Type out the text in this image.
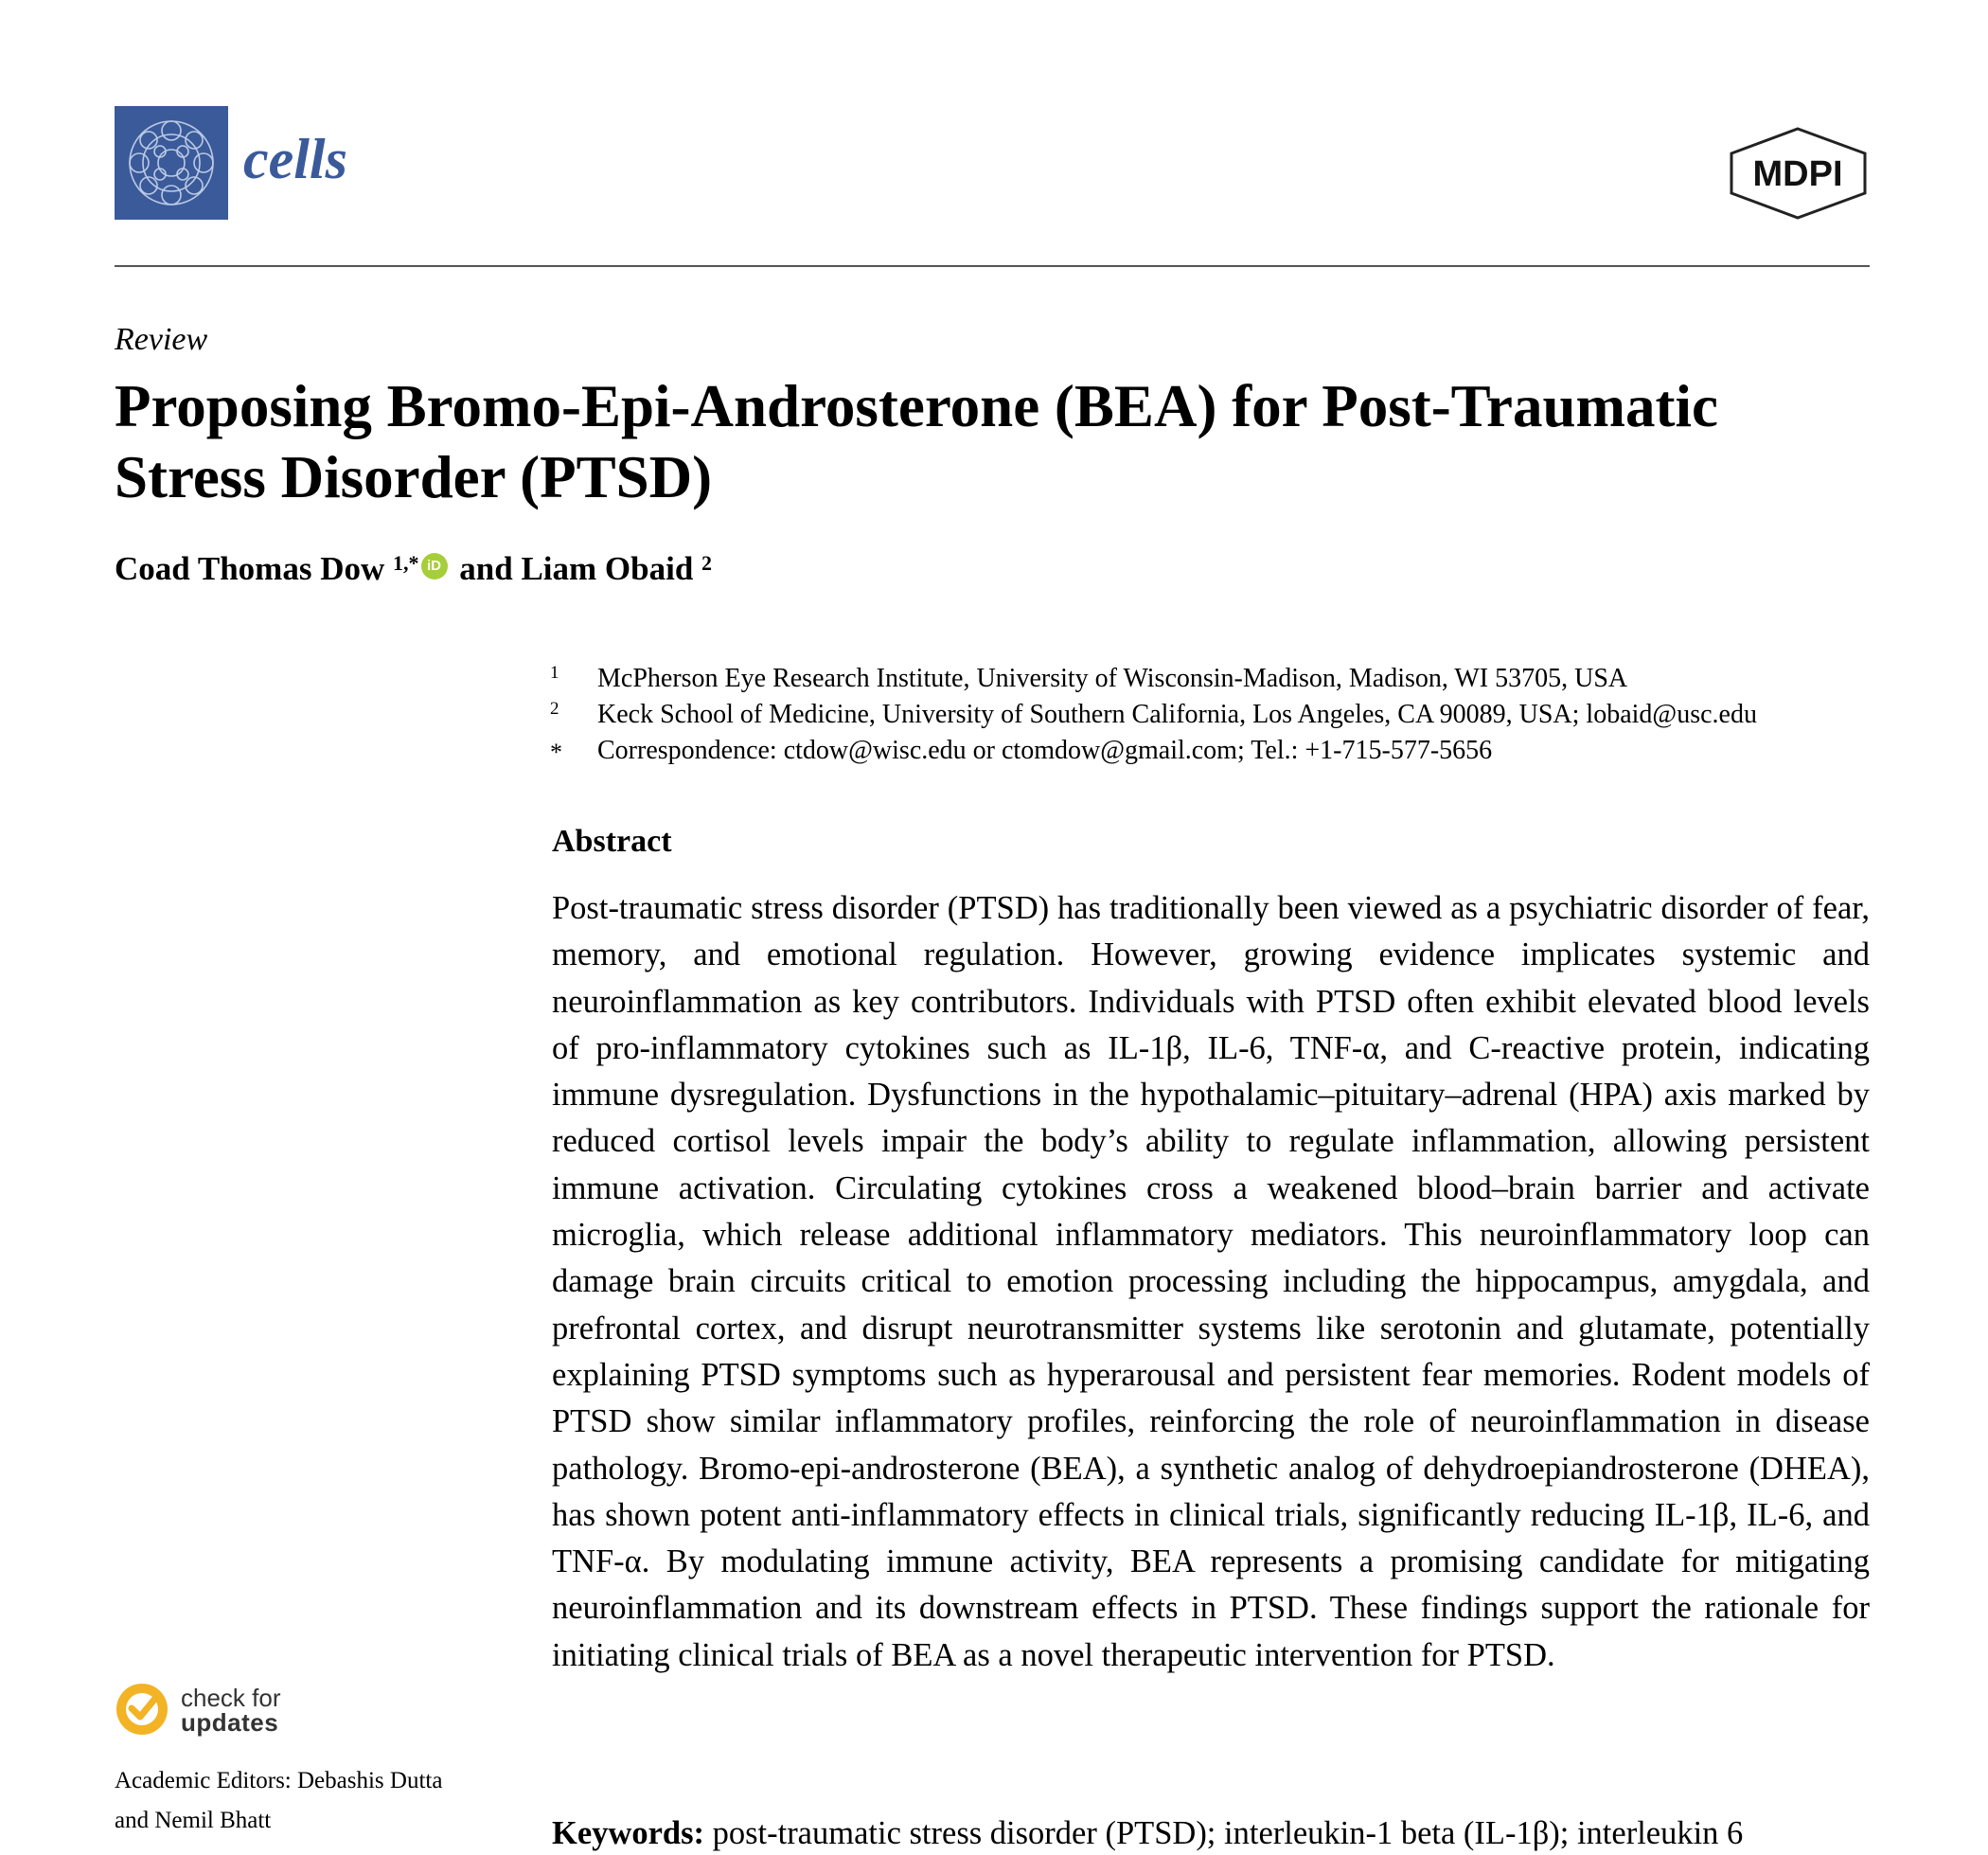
cells	MDPI
Review
Proposing Bromo-Epi-Androsterone (BEA) for Post-Traumatic
Stress Disorder (PTSD)
Coad Thomas Dow $^{1,*}$ iD and Liam Obaid $^2$
1 McPherson Eye Research Institute, University of Wisconsin-Madison, Madison, WI 53705, USA
2 Keck School of Medicine, University of Southern California, Los Angeles, CA 90089, USA; lobaid@usc.edu
* Correspondence: ctdow@wisc.edu or ctomdow@gmail.com; Tel.: +1-715-577-5656
Abstract

Post-traumatic stress disorder (PTSD) has traditionally been viewed as a psychiatric disorder of fear, memory, and emotional regulation. However, growing evidence implicates systemic and neuroinflammation as key contributors. Individuals with PTSD often exhibit elevated blood levels of pro-inflammatory cytokines such as IL-1β, IL-6, TNF-α, and C-reactive protein, indicating immune dysregulation. Dysfunctions in the hypothalamic–pituitary–adrenal (HPA) axis marked by reduced cortisol levels impair the body’s ability to regulate inflammation, allowing persistent immune activation. Circulating cytokines cross a weakened blood–brain barrier and activate microglia, which release additional inflammatory mediators. This neuroinflammatory loop can damage brain circuits critical to emotion processing including the hippocampus, amygdala, and prefrontal cortex, and disrupt neurotransmitter systems like serotonin and glutamate, potentially explaining PTSD symptoms such as hyperarousal and persistent fear memories. Rodent models of PTSD show similar inflammatory profiles, reinforcing the role of neuroinflammation in disease pathology. Bromo-epi-androsterone (BEA), a synthetic analog of dehydroepiandrosterone (DHEA), has shown potent anti-inflammatory effects in clinical trials, significantly reducing IL-1β, IL-6, and TNF-α. By modulating immune activity, BEA represents a promising candidate for mitigating neuroinflammation and its downstream effects in PTSD. These findings support the rationale for initiating clinical trials of BEA as a novel therapeutic intervention for PTSD.

Keywords: post-traumatic stress disorder (PTSD); interleukin-1 beta (IL-1β); interleukin 6
check for
updates
Academic Editors: Debashis Dutta
and Nemil Bhatt
